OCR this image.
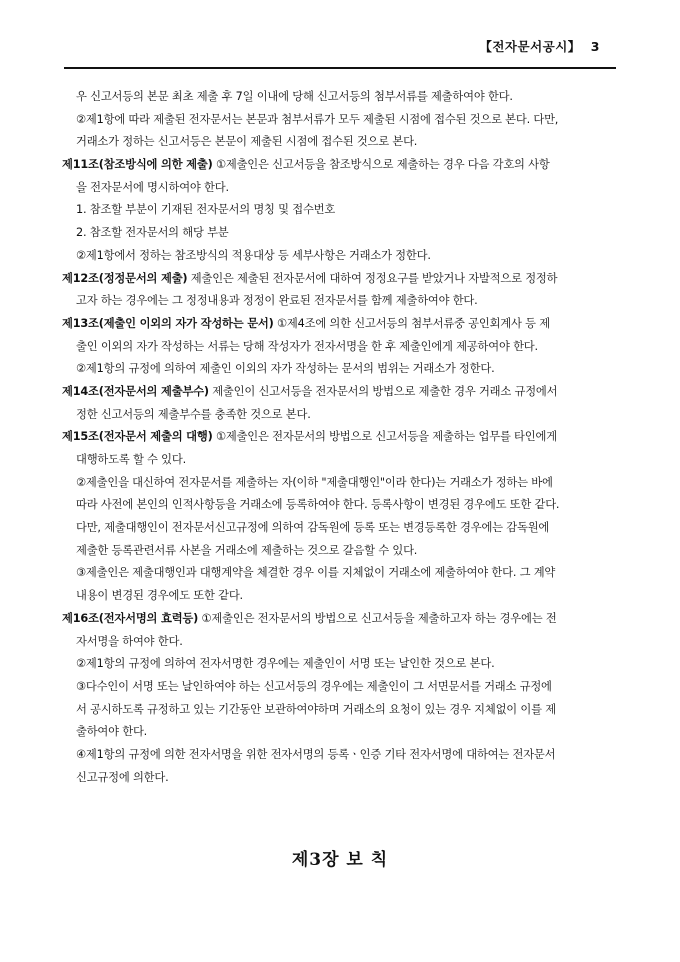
【전자문서공시】 3
우 신고서등의 본문 최초 제출 후 7일 이내에 당해 신고서등의 첨부서류를 제출하여야 한다.
②제1항에 따라 제출된 전자문서는 본문과 첨부서류가 모두 제출된 시점에 접수된 것으로 본다. 다만,
거래소가 정하는 신고서등은 본문이 제출된 시점에 접수된 것으로 본다.
제11조(참조방식에 의한 제출) ①제출인은 신고서등을 참조방식으로 제출하는 경우 다음 각호의 사항
을 전자문서에 명시하여야 한다.
1. 참조할 부분이 기재된 전자문서의 명칭 및 접수번호
2. 참조할 전자문서의 해당 부분
②제1항에서 정하는 참조방식의 적용대상 등 세부사항은 거래소가 정한다.
제12조(정정문서의 제출) 제출인은 제출된 전자문서에 대하여 정정요구를 받았거나 자발적으로 정정하
고자 하는 경우에는 그 정정내용과 정정이 완료된 전자문서를 함께 제출하여야 한다.
제13조(제출인 이외의 자가 작성하는 문서) ①제4조에 의한 신고서등의 첨부서류중 공인회계사 등 제
출인 이외의 자가 작성하는 서류는 당해 작성자가 전자서명을 한 후 제출인에게 제공하여야 한다.
②제1항의 규정에 의하여 제출인 이외의 자가 작성하는 문서의 범위는 거래소가 정한다.
제14조(전자문서의 제출부수) 제출인이 신고서등을 전자문서의 방법으로 제출한 경우 거래소 규정에서
정한 신고서등의 제출부수를 충족한 것으로 본다.
제15조(전자문서 제출의 대행) ①제출인은 전자문서의 방법으로 신고서등을 제출하는 업무를 타인에게
대행하도록 할 수 있다.
②제출인을 대신하여 전자문서를 제출하는 자(이하 "제출대행인"이라 한다)는 거래소가 정하는 바에
따라 사전에 본인의 인적사항등을 거래소에 등록하여야 한다. 등록사항이 변경된 경우에도 또한 같다.
다만, 제출대행인이 전자문서신고규정에 의하여 감독원에 등록 또는 변경등록한 경우에는 감독원에
제출한 등록관련서류 사본을 거래소에 제출하는 것으로 갈음할 수 있다.
③제출인은 제출대행인과 대행계약을 체결한 경우 이를 지체없이 거래소에 제출하여야 한다. 그 계약
내용이 변경된 경우에도 또한 같다.
제16조(전자서명의 효력등) ①제출인은 전자문서의 방법으로 신고서등을 제출하고자 하는 경우에는 전
자서명을 하여야 한다.
②제1항의 규정에 의하여 전자서명한 경우에는 제출인이 서명 또는 날인한 것으로 본다.
③다수인이 서명 또는 날인하여야 하는 신고서등의 경우에는 제출인이 그 서면문서를 거래소 규정에
서 공시하도록 규정하고 있는 기간동안 보관하여야하며 거래소의 요청이 있는 경우 지체없이 이를 제
출하여야 한다.
④제1항의 규정에 의한 전자서명을 위한 전자서명의 등록ㆍ인증 기타 전자서명에 대하여는 전자문서
신고규정에 의한다.
제3장 보 칙
